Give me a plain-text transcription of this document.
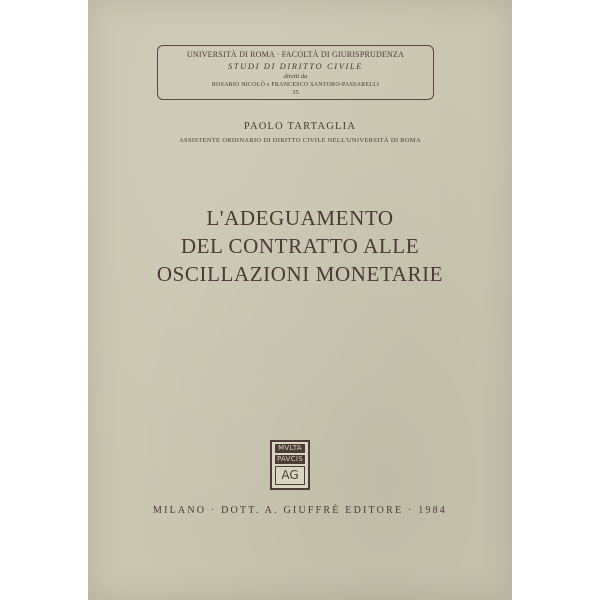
UNIVERSITÀ DI ROMA · FACOLTÀ DI GIURISPRUDENZA
STUDI DI DIRITTO CIVILE
diretti da
ROSARIO NICOLÒ e FRANCESCO SANTORO-PASSARELLI
35
PAOLO TARTAGLIA
ASSISTENTE ORDINARIO DI DIRITTO CIVILE NELL'UNIVERSITÀ DI ROMA
L'ADEGUAMENTO
DEL CONTRATTO ALLE
OSCILLAZIONI MONETARIE
MVLTA
PAVCIS
AG
MILANO · DOTT. A. GIUFFRÈ EDITORE · 1984
